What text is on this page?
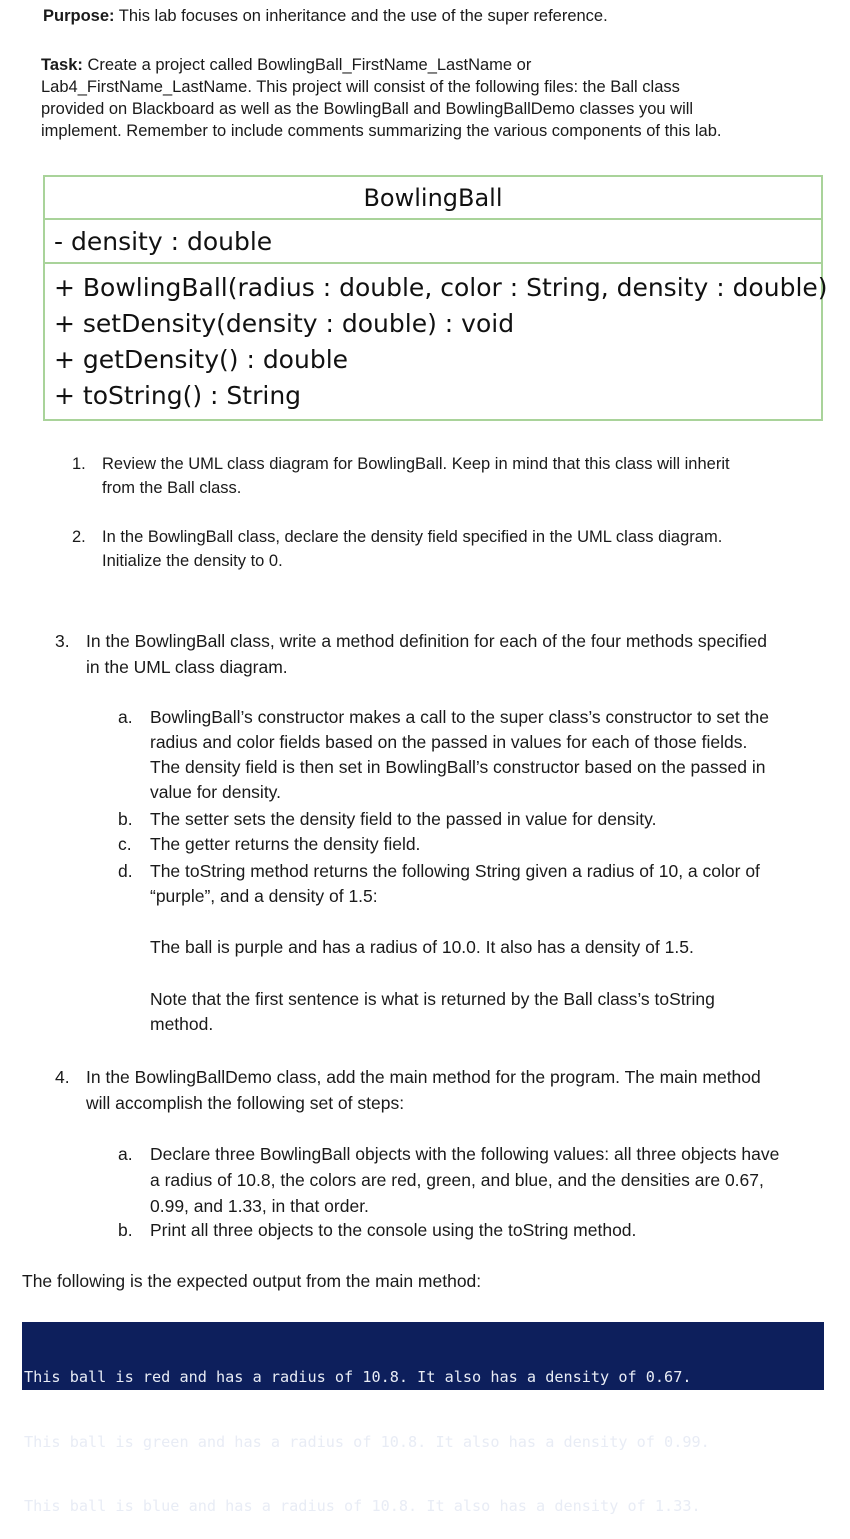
Purpose: This lab focuses on inheritance and the use of the super reference.
Task: Create a project called BowlingBall_FirstName_LastName or
Lab4_FirstName_LastName. This project will consist of the following files: the Ball class
provided on Blackboard as well as the BowlingBall and BowlingBallDemo classes you will
implement. Remember to include comments summarizing the various components of this lab.
BowlingBall
- density : double
+ BowlingBall(radius : double, color : String, density : double)
+ setDensity(density : double) : void
+ getDensity() : double
+ toString() : String
1. Review the UML class diagram for BowlingBall. Keep in mind that this class will inherit
from the Ball class.
2. In the BowlingBall class, declare the density field specified in the UML class diagram.
Initialize the density to 0.
3. In the BowlingBall class, write a method definition for each of the four methods specified
in the UML class diagram.
a. BowlingBall’s constructor makes a call to the super class’s constructor to set the
radius and color fields based on the passed in values for each of those fields.
The density field is then set in BowlingBall’s constructor based on the passed in
value for density.
b. The setter sets the density field to the passed in value for density.
c. The getter returns the density field.
d. The toString method returns the following String given a radius of 10, a color of
“purple”, and a density of 1.5:
The ball is purple and has a radius of 10.0. It also has a density of 1.5.
Note that the first sentence is what is returned by the Ball class’s toString
method.
4. In the BowlingBallDemo class, add the main method for the program. The main method
will accomplish the following set of steps:
a. Declare three BowlingBall objects with the following values: all three objects have
a radius of 10.8, the colors are red, green, and blue, and the densities are 0.67,
0.99, and 1.33, in that order.
b. Print all three objects to the console using the toString method.
The following is the expected output from the main method:

This ball is red and has a radius of 10.8. It also has a density of 0.67.

This ball is green and has a radius of 10.8. It also has a density of 0.99.

This ball is blue and has a radius of 10.8. It also has a density of 1.33.
